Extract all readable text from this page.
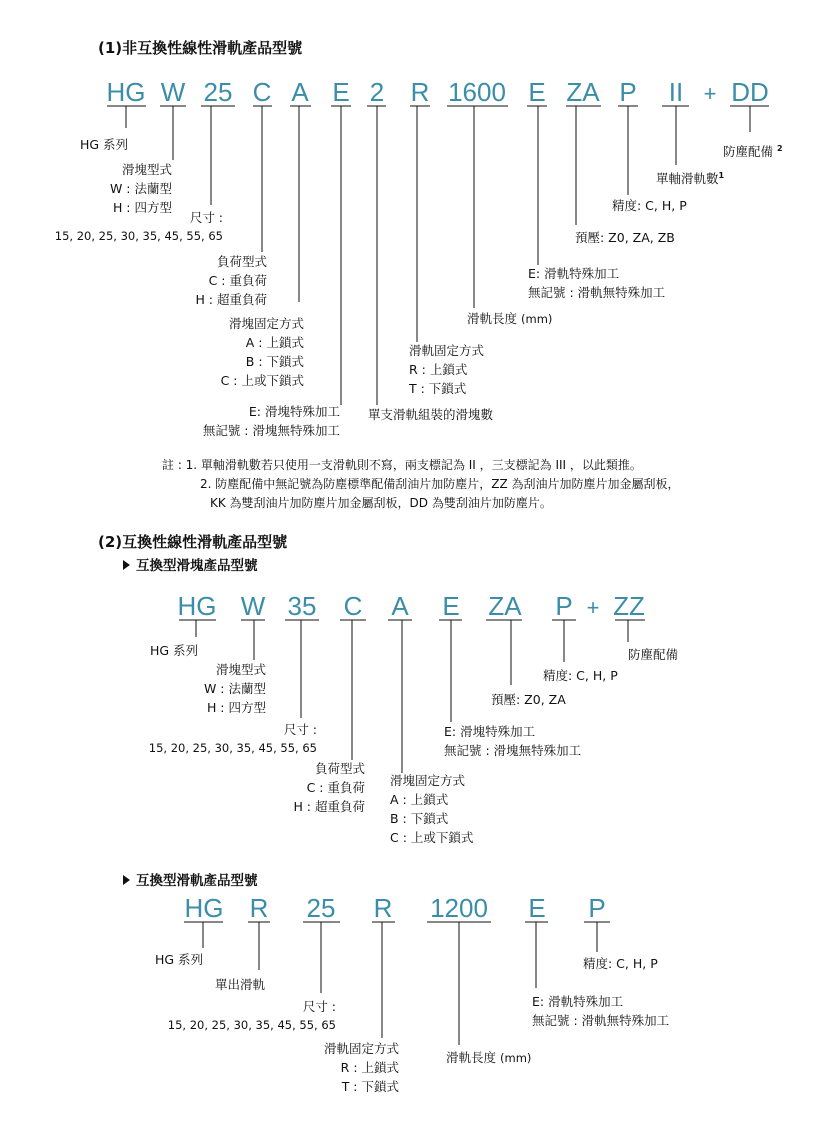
(1)非互換性線性滑軌產品型號
HG W 25 C A E 2 R 1600 E ZA P II + DD
HG 系列
滑塊型式
W : 法蘭型
H : 四方型
尺寸 :
15, 20, 25, 30, 35, 45, 55, 65
負荷型式
C : 重負荷
H : 超重負荷
滑塊固定方式
A : 上鎖式
B : 下鎖式
C : 上或下鎖式
E: 滑塊特殊加工
無記號 : 滑塊無特殊加工
單支滑軌組裝的滑塊數
滑軌固定方式
R : 上鎖式
T : 下鎖式
滑軌長度 (mm)
E: 滑軌特殊加工
無記號 : 滑軌無特殊加工
預壓: Z0, ZA, ZB
精度: C, H, P
單軸滑軌數$^1$
防塵配備 $^2$
註 : 1. 單軸滑軌數若只使用一支滑軌則不寫，兩支標記為 II ，三支標記為 III ，以此類推。
2. 防塵配備中無記號為防塵標準配備刮油片加防塵片，ZZ 為刮油片加防塵片加金屬刮板，
KK 為雙刮油片加防塵片加金屬刮板，DD 為雙刮油片加防塵片。
(2)互換性線性滑軌產品型號
互換型滑塊產品型號
HG W 35 C A E ZA P + ZZ
HG 系列
滑塊型式
W : 法蘭型
H : 四方型
尺寸 :
15, 20, 25, 30, 35, 45, 55, 65
負荷型式
C : 重負荷
H : 超重負荷
滑塊固定方式
A : 上鎖式
B : 下鎖式
C : 上或下鎖式
E: 滑塊特殊加工
無記號 : 滑塊無特殊加工
預壓: Z0, ZA
精度: C, H, P
防塵配備
互換型滑軌產品型號
HG R 25 R 1200 E P
HG 系列
單出滑軌
尺寸 :
15, 20, 25, 30, 35, 45, 55, 65
滑軌固定方式
R : 上鎖式
T : 下鎖式
滑軌長度 (mm)
E: 滑軌特殊加工
無記號 : 滑軌無特殊加工
精度: C, H, P
